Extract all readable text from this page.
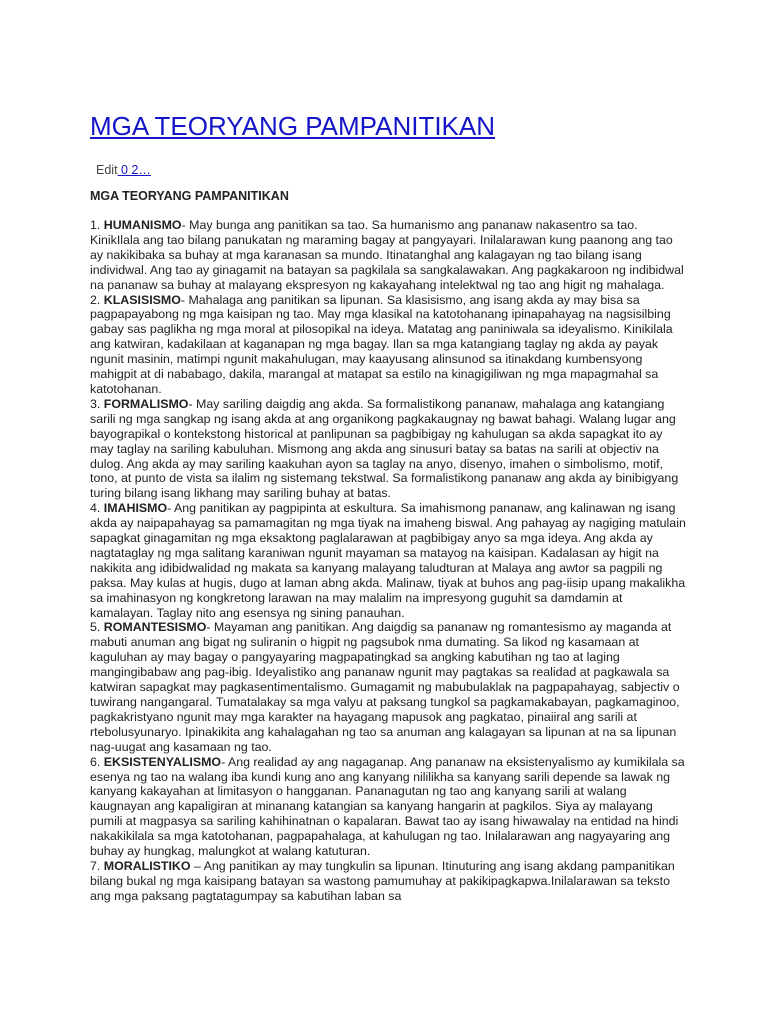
MGA TEORYANG PAMPANITIKAN
Edit 0 2…
MGA TEORYANG PAMPANITIKAN

1. HUMANISMO- May bunga ang panitikan sa tao. Sa humanismo ang pananaw nakasentro sa tao. KinikIlala ang tao bilang panukatan ng maraming bagay at pangyayari. Inilalarawan kung paanong ang tao ay nakikibaka sa buhay at mga karanasan sa mundo. Itinatanghal ang kalagayan ng tao bilang isang individwal. Ang tao ay ginagamit na batayan sa pagkilala sa sangkalawakan. Ang pagkakaroon ng indibidwal na pananaw sa buhay at malayang ekspresyon ng kakayahang intelektwal ng tao ang higit ng mahalaga.

2. KLASISISMO- Mahalaga ang panitikan sa lipunan. Sa klasisismo, ang isang akda ay may bisa sa pagpapayabong ng mga kaisipan ng tao. May mga klasikal na katotohanang ipinapahayag na nagsisilbing gabay sas paglikha ng mga moral at pilosopikal na ideya. Matatag ang paniniwala sa ideyalismo. Kinikilala ang katwiran, kadakilaan at kaganapan ng mga bagay. Ilan sa mga katangiang taglay ng akda ay payak ngunit masinin, matimpi ngunit makahulugan, may kaayusang alinsunod sa itinakdang kumbensyong mahigpit at di nababago, dakila, marangal at matapat sa estilo na kinagigiliwan ng mga mapagmahal sa katotohanan.

3. FORMALISMO- May sariling daigdig ang akda. Sa formalistikong pananaw, mahalaga ang katangiang sarili ng mga sangkap ng isang akda at ang organikong pagkakaugnay ng bawat bahagi. Walang lugar ang bayograpikal o kontekstong historical at panlipunan sa pagbibigay ng kahulugan sa akda sapagkat ito ay may taglay na sariling kabuluhan. Mismong ang akda ang sinusuri batay sa batas na sarili at objectiv na dulog. Ang akda ay may sariling kaakuhan ayon sa taglay na anyo, disenyo, imahen o simbolismo, motif, tono, at punto de vista sa ilalim ng sistemang tekstwal. Sa formalistikong pananaw ang akda ay binibigyang turing bilang isang likhang may sariling buhay at batas.

4. IMAHISMO- Ang panitikan ay pagpipinta at eskultura. Sa imahismong pananaw, ang kalinawan ng isang akda ay naipapahayag sa pamamagitan ng mga tiyak na imaheng biswal. Ang pahayag ay nagiging matulain sapagkat ginagamitan ng mga eksaktong paglalarawan at pagbibigay anyo sa mga ideya. Ang akda ay nagtataglay ng mga salitang karaniwan ngunit mayaman sa matayog na kaisipan. Kadalasan ay higit na nakikita ang idibidwalidad ng makata sa kanyang malayang taludturan at Malaya ang awtor sa pagpili ng paksa. May kulas at hugis, dugo at laman abng akda. Malinaw, tiyak at buhos ang pag-iisip upang makalikha sa imahinasyon ng kongkretong larawan na may malalim na impresyong guguhit sa damdamin at kamalayan. Taglay nito ang esensya ng sining panauhan.

5. ROMANTESISMO- Mayaman ang panitikan. Ang daigdig sa pananaw ng romantesismo ay maganda at mabuti anuman ang bigat ng suliranin o higpit ng pagsubok nma dumating. Sa likod ng kasamaan at kaguluhan ay may bagay o pangyayaring magpapatingkad sa angking kabutihan ng tao at laging mangingibabaw ang pag-ibig. Ideyalistiko ang pananaw ngunit may pagtakas sa realidad at pagkawala sa katwiran sapagkat may pagkasentimentalismo. Gumagamit ng mabubulaklak na pagpapahayag, sabjectiv o tuwirang nangangaral. Tumatalakay sa mga valyu at paksang tungkol sa pagkamakabayan, pagkamaginoo, pagkakristyano ngunit may mga karakter na hayagang mapusok ang pagkatao, pinaiiral ang sarili at rtebolusyunaryo. Ipinakikita ang kahalagahan ng tao sa anuman ang kalagayan sa lipunan at na sa lipunan nag-uugat ang kasamaan ng tao.

6. EKSISTENYALISMO- Ang realidad ay ang nagaganap. Ang pananaw na eksistenyalismo ay kumikilala sa esenya ng tao na walang iba kundi kung ano ang kanyang nililikha sa kanyang sarili depende sa lawak ng kanyang kakayahan at limitasyon o hangganan. Pananagutan ng tao ang kanyang sarili at walang kaugnayan ang kapaligiran at minanang katangian sa kanyang hangarin at pagkilos. Siya ay malayang pumili at magpasya sa sariling kahihinatnan o kapalaran. Bawat tao ay isang hiwawalay na entidad na hindi nakakikilala sa mga katotohanan, pagpapahalaga, at kahulugan ng tao. Inilalarawan ang nagyayaring ang buhay ay hungkag, malungkot at walang katuturan.

7. MORALISTIKO – Ang panitikan ay may tungkulin sa lipunan. Itinuturing ang isang akdang pampanitikan bilang bukal ng mga kaisipang batayan sa wastong pamumuhay at pakikipagkapwa.Inilalarawan sa teksto ang mga paksang pagtatagumpay sa kabutihan laban sa
